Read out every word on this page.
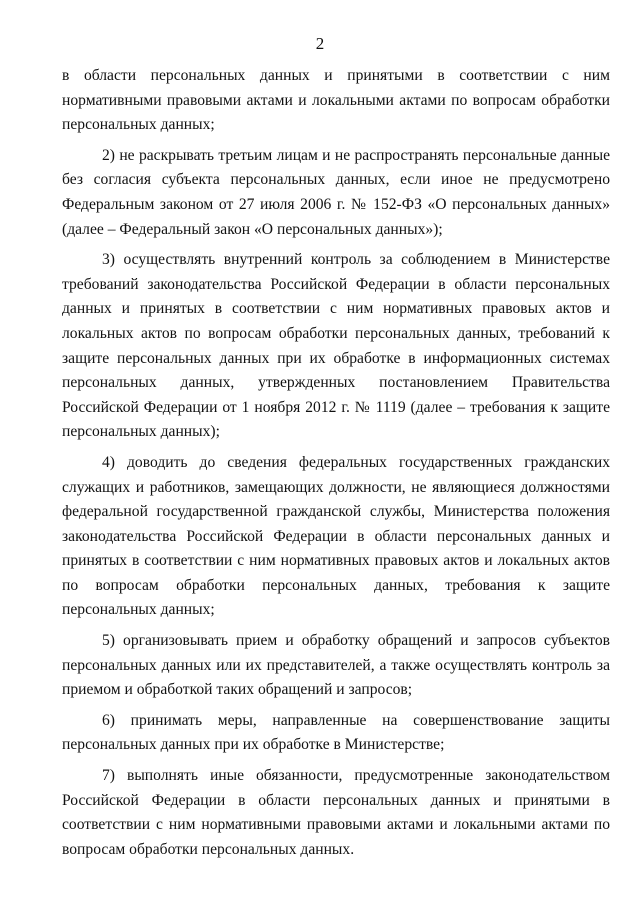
2

в области персональных данных и принятыми в соответствии с ним нормативными правовыми актами и локальными актами по вопросам обработки персональных данных;

2) не раскрывать третьим лицам и не распространять персональные данные без согласия субъекта персональных данных, если иное не предусмотрено Федеральным законом от 27 июля 2006 г. № 152-ФЗ «О персональных данных» (далее – Федеральный закон «О персональных данных»);

3) осуществлять внутренний контроль за соблюдением в Министерстве требований законодательства Российской Федерации в области персональных данных и принятых в соответствии с ним нормативных правовых актов и локальных актов по вопросам обработки персональных данных, требований к защите персональных данных при их обработке в информационных системах персональных данных, утвержденных постановлением Правительства Российской Федерации от 1 ноября 2012 г. № 1119 (далее – требования к защите персональных данных);

4) доводить до сведения федеральных государственных гражданских служащих и работников, замещающих должности, не являющиеся должностями федеральной государственной гражданской службы, Министерства положения законодательства Российской Федерации в области персональных данных и принятых в соответствии с ним нормативных правовых актов и локальных актов по вопросам обработки персональных данных, требования к защите персональных данных;

5) организовывать прием и обработку обращений и запросов субъектов персональных данных или их представителей, а также осуществлять контроль за приемом и обработкой таких обращений и запросов;

6) принимать меры, направленные на совершенствование защиты персональных данных при их обработке в Министерстве;

7) выполнять иные обязанности, предусмотренные законодательством Российской Федерации в области персональных данных и принятыми в соответствии с ним нормативными правовыми актами и локальными актами по вопросам обработки персональных данных.
